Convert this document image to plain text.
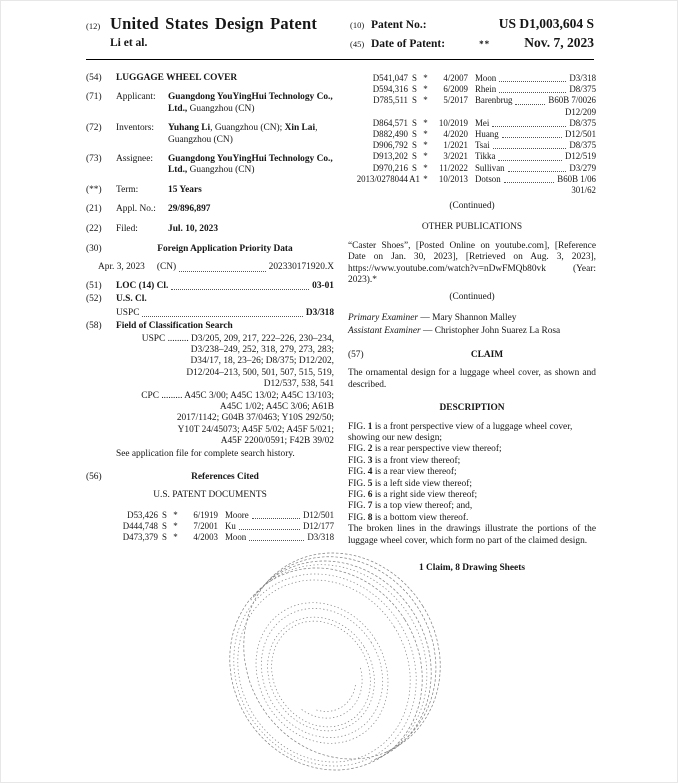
(12) United States Design Patent
Li et al.
(10) Patent No.:	US D1,003,604 S
(45) Date of Patent:	**	Nov. 7, 2023
(54)	LUGGAGE WHEEL COVER
(71)	Applicant:	Guangdong YouYingHui Technology Co., Ltd., Guangzhou (CN)
(72)	Inventors:	Yuhang Li, Guangzhou (CN); Xin Lai, Guangzhou (CN)
(73)	Assignee:	Guangdong YouYingHui Technology Co., Ltd., Guangzhou (CN)
(**)	Term:	15 Years
(21)	Appl. No.:	29/896,897
(22)	Filed:	Jul. 10, 2023
(30)	Foreign Application Priority Data
Apr. 3, 2023 (CN)	202330171920.X
(51)	LOC (14) Cl.	03-01
(52)	U.S. Cl.
USPC	D3/318
(58)	Field of Classification Search
USPC ......... D3/205, 209, 217, 222–226, 230–234,
D3/238–249, 252, 318, 279, 273, 283;
D34/17, 18, 23–26; D8/375; D12/202,
D12/204–213, 500, 501, 507, 515, 519,
D12/537, 538, 541
CPC ......... A45C 3/00; A45C 13/02; A45C 13/103;
A45C 1/02; A45C 3/06; A61B
2017/1142; G04B 37/0463; Y10S 292/50;
Y10T 24/45073; A45F 5/02; A45F 5/021;
A45F 2200/0591; F42B 39/02
See application file for complete search history.
(56)	References Cited
U.S. PATENT DOCUMENTS
D53,426 S *	6/1919 Moore	D12/501
D444,748 S *	7/2001 Ku	D12/177
D473,379 S *	4/2003 Moon	D3/318
D541,047 S *	4/2007 Moon	D3/318
D594,316 S *	6/2009 Rhein	D8/375
D785,511 S *	5/2017 Barenbrug	B60B 7/0026
D12/209
D864,571 S *	10/2019 Mei	D8/375
D882,490 S *	4/2020 Huang	D12/501
D906,792 S *	1/2021 Tsai	D8/375
D913,202 S *	3/2021 Tikka	D12/519
D970,216 S *	11/2022 Sullivan	D3/279
2013/0278044 A1 *	10/2013 Dotson	B60B 1/06
301/62
(Continued)
OTHER PUBLICATIONS

“Caster Shoes”, [Posted Online on youtube.com], [Reference Date on Jan. 30, 2023], [Retrieved on Aug. 3, 2023], https://www.youtube.com/watch?v=nDwFMQb80vk (Year: 2023).*

(Continued)
Primary Examiner — Mary Shannon Malley
Assistant Examiner — Christopher John Suarez La Rosa
(57)	CLAIM

The ornamental design for a luggage wheel cover, as shown and described.

DESCRIPTION
FIG. 1 is a front perspective view of a luggage wheel cover,
showing our new design;
FIG. 2 is a rear perspective view thereof;
FIG. 3 is a front view thereof;
FIG. 4 is a rear view thereof;
FIG. 5 is a left side view thereof;
FIG. 6 is a right side view thereof;
FIG. 7 is a top view thereof; and,
FIG. 8 is a bottom view thereof.
The broken lines in the drawings illustrate the portions of the luggage wheel cover, which form no part of the claimed design.
1 Claim, 8 Drawing Sheets
